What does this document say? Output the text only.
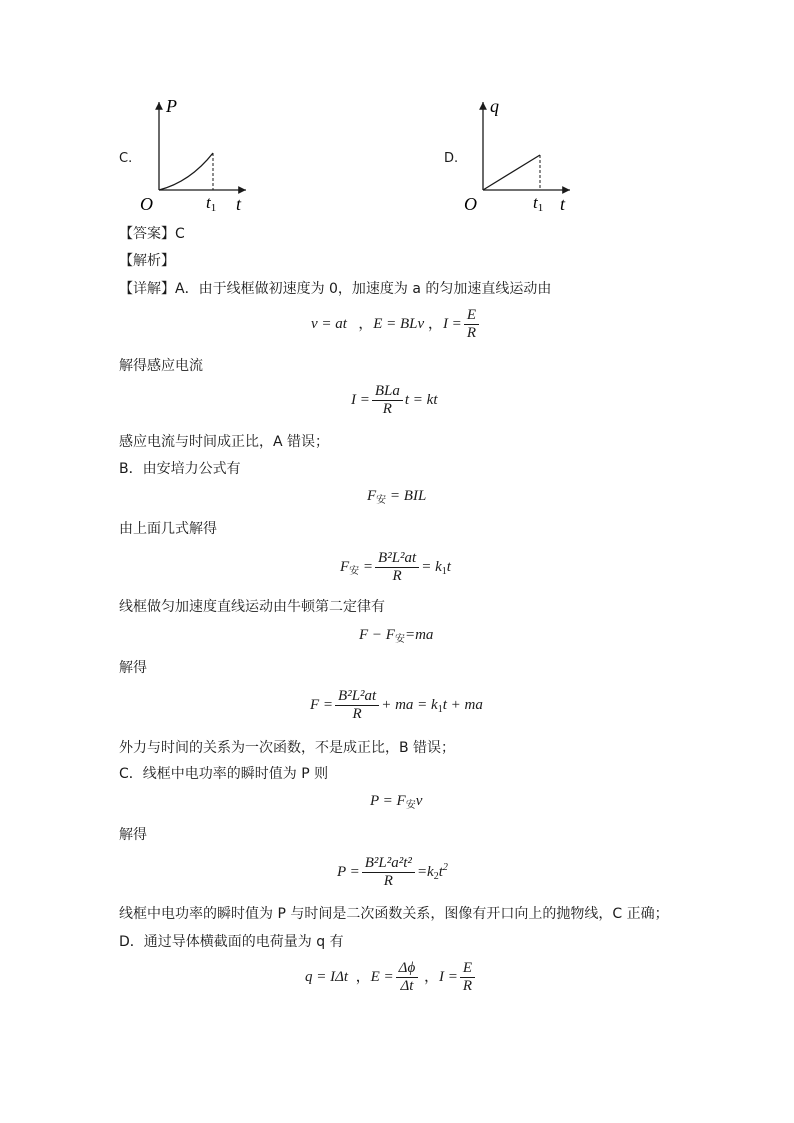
C.
P
O	t1 t
D.
q
O	t1 t
【答案】C
【解析】
【详解】A．由于线框做初速度为 0，加速度为 a 的匀加速直线运动由
v = at ，E = BLv ，$I = \frac{E}{R}$
解得感应电流
$I = \frac{\text{BLa}}{R}$ t = kt
感应电流与时间成正比，A 错误；
B．由安培力公式有
$F_安$ = BIL
由上面几式解得
$F_安 = \frac{\text{B²L²at}}{R} = k_1t$
线框做匀加速度直线运动由牛顿第二定律有
$F - F_安=ma$
解得
$F = \frac{\text{B²L²at}}{R}$ + ma = $k_1t$ + ma
外力与时间的关系为一次函数，不是成正比，B 错误；
C．线框中电功率的瞬时值为 P 则
$P = F_安v$
解得
$P = \frac{\text{B²L²a²t²}}{R} =k_2t^2$
线框中电功率的瞬时值为 P 与时间是二次函数关系，图像有开口向上的抛物线，C 正确；
D．通过导体横截面的电荷量为 q 有
q = IΔt ，$E = \frac{\Delta\phi}{\Delta t}$ ，$I = \frac{E}{R}$
